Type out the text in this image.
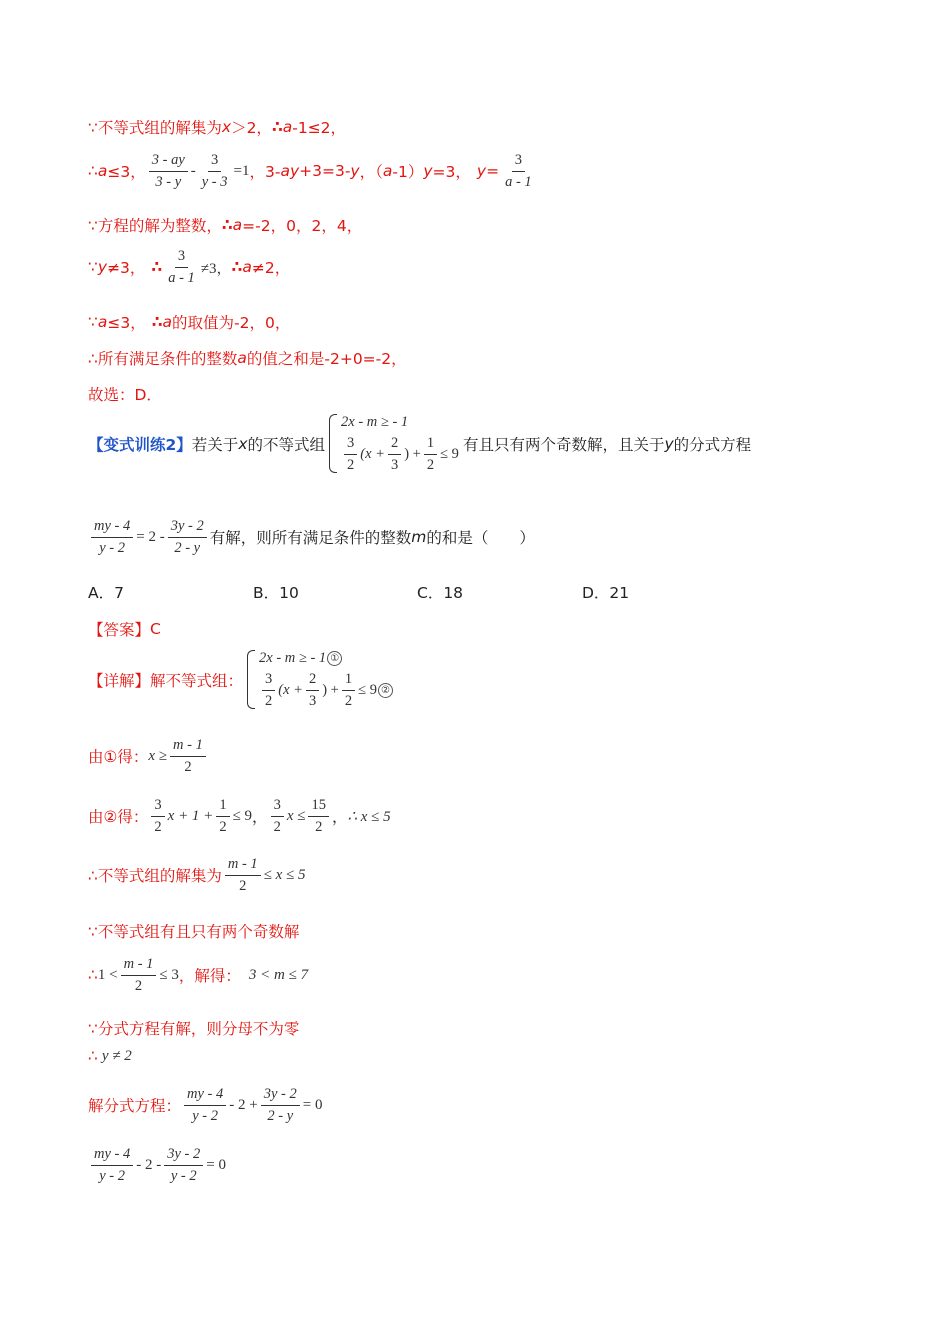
∵不等式组的解集为 x ＞2， ∴ a -1≤2，
∴ a ≤3， $\frac{3 - ay}{3 - y} - \frac{3}{y - 3} =1$ ，3- ay +3=3- y ，（ a -1） y =3， $y = \frac{3}{a - 1}$
∵方程的解为整数， ∴ a =-2，0，2，4，
∵ y ≠3， ∴ $\frac{3}{a - 1} \ne 3$， ∴ a ≠2，
∵ a ≤3， ∴ a 的取值为-2，0，
∴所有满足条件的整数 a 的值之和是-2+0=-2，
故选：D．
【变式训练2】 若关于 x 的不等式组
2x - m ≥ - 1
$\frac{3}{2} (x + \frac{2}{3}$ ) + $\frac{1}{2} \le 9$ 有且只有两个奇数解，且关于 y 的分式方程
$\frac{my - 4}{y - 2} = 2 - \frac{3y - 2}{2 - y}$ 有解，则所有满足条件的整数 m 的和是（　　）
A．7	B．10	C．18	D．21
【答案】 C
【详解】 解不等式组：
2x - m ≥ - 1 ①
$\frac{3}{2} (x + \frac{2}{3}$ ) + $\frac{1}{2} \le 9$ ②
由①得： $x \ge \frac{m - 1}{2}$
由②得： $\frac{3}{2}$ $x + 1 + \frac{1}{2} \le 9$ ， $\frac{3}{2}$ $x \le \frac{15}{2}$ ， ∴ x ≤ 5
∴不等式组的解集为 $\frac{m - 1}{2} \le x \le 5$
∵不等式组有且只有两个奇数解
∴ $1 < \frac{m - 1}{2} \le 3$ ，解得： 3 < m ≤ 7
∵分式方程有解，则分母不为零
∴ y ≠ 2
解分式方程： $\frac{my - 4}{y - 2} - 2 + \frac{3y - 2}{2 - y} = 0$
$\frac{my - 4}{y - 2} - 2 - \frac{3y - 2}{y - 2} = 0$
